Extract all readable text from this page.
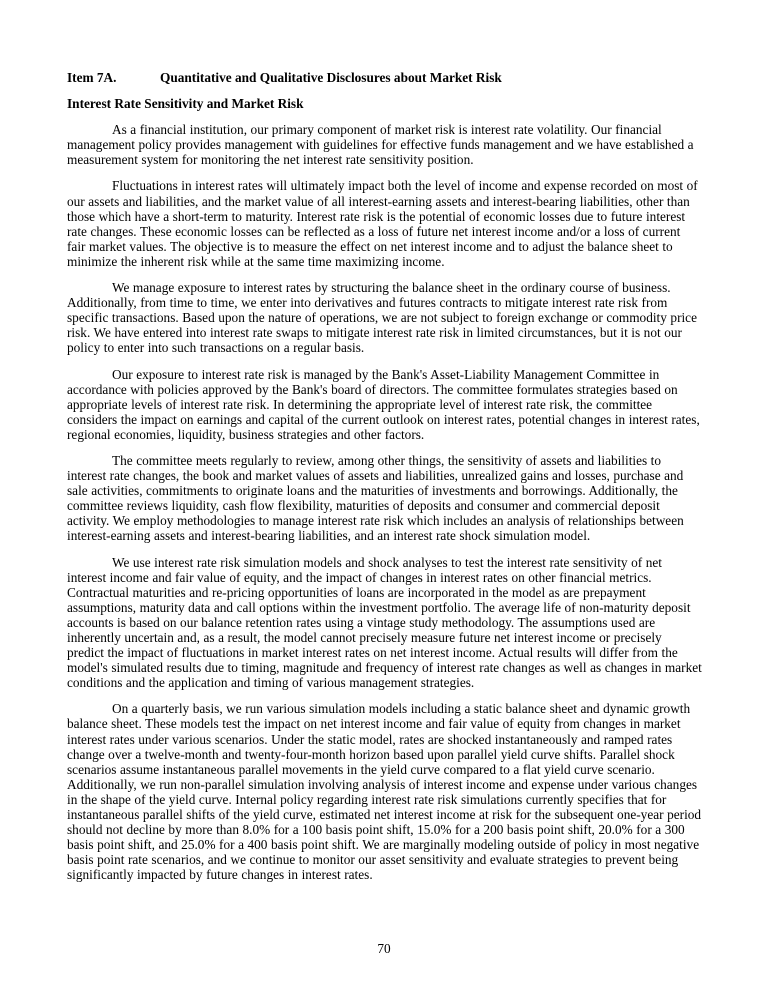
Item 7A.	Quantitative and Qualitative Disclosures about Market Risk
Interest Rate Sensitivity and Market Risk

As a financial institution, our primary component of market risk is interest rate volatility. Our financial management policy provides management with guidelines for effective funds management and we have established a measurement system for monitoring the net interest rate sensitivity position.

Fluctuations in interest rates will ultimately impact both the level of income and expense recorded on most of our assets and liabilities, and the market value of all interest-earning assets and interest-bearing liabilities, other than those which have a short-term to maturity. Interest rate risk is the potential of economic losses due to future interest rate changes. These economic losses can be reflected as a loss of future net interest income and/or a loss of current fair market values. The objective is to measure the effect on net interest income and to adjust the balance sheet to minimize the inherent risk while at the same time maximizing income.

We manage exposure to interest rates by structuring the balance sheet in the ordinary course of business. Additionally, from time to time, we enter into derivatives and futures contracts to mitigate interest rate risk from specific transactions. Based upon the nature of operations, we are not subject to foreign exchange or commodity price risk. We have entered into interest rate swaps to mitigate interest rate risk in limited circumstances, but it is not our policy to enter into such transactions on a regular basis.

Our exposure to interest rate risk is managed by the Bank's Asset-Liability Management Committee in accordance with policies approved by the Bank's board of directors. The committee formulates strategies based on appropriate levels of interest rate risk. In determining the appropriate level of interest rate risk, the committee considers the impact on earnings and capital of the current outlook on interest rates, potential changes in interest rates, regional economies, liquidity, business strategies and other factors.

The committee meets regularly to review, among other things, the sensitivity of assets and liabilities to interest rate changes, the book and market values of assets and liabilities, unrealized gains and losses, purchase and sale activities, commitments to originate loans and the maturities of investments and borrowings. Additionally, the committee reviews liquidity, cash flow flexibility, maturities of deposits and consumer and commercial deposit activity. We employ methodologies to manage interest rate risk which includes an analysis of relationships between interest-earning assets and interest-bearing liabilities, and an interest rate shock simulation model.

We use interest rate risk simulation models and shock analyses to test the interest rate sensitivity of net interest income and fair value of equity, and the impact of changes in interest rates on other financial metrics. Contractual maturities and re-pricing opportunities of loans are incorporated in the model as are prepayment assumptions, maturity data and call options within the investment portfolio. The average life of non-maturity deposit accounts is based on our balance retention rates using a vintage study methodology. The assumptions used are inherently uncertain and, as a result, the model cannot precisely measure future net interest income or precisely predict the impact of fluctuations in market interest rates on net interest income. Actual results will differ from the model's simulated results due to timing, magnitude and frequency of interest rate changes as well as changes in market conditions and the application and timing of various management strategies.

On a quarterly basis, we run various simulation models including a static balance sheet and dynamic growth balance sheet. These models test the impact on net interest income and fair value of equity from changes in market interest rates under various scenarios. Under the static model, rates are shocked instantaneously and ramped rates change over a twelve-month and twenty-four-month horizon based upon parallel yield curve shifts. Parallel shock scenarios assume instantaneous parallel movements in the yield curve compared to a flat yield curve scenario. Additionally, we run non-parallel simulation involving analysis of interest income and expense under various changes in the shape of the yield curve. Internal policy regarding interest rate risk simulations currently specifies that for instantaneous parallel shifts of the yield curve, estimated net interest income at risk for the subsequent one-year period should not decline by more than 8.0% for a 100 basis point shift, 15.0% for a 200 basis point shift, 20.0% for a 300 basis point shift, and 25.0% for a 400 basis point shift. We are marginally modeling outside of policy in most negative basis point rate scenarios, and we continue to monitor our asset sensitivity and evaluate strategies to prevent being significantly impacted by future changes in interest rates.

70
